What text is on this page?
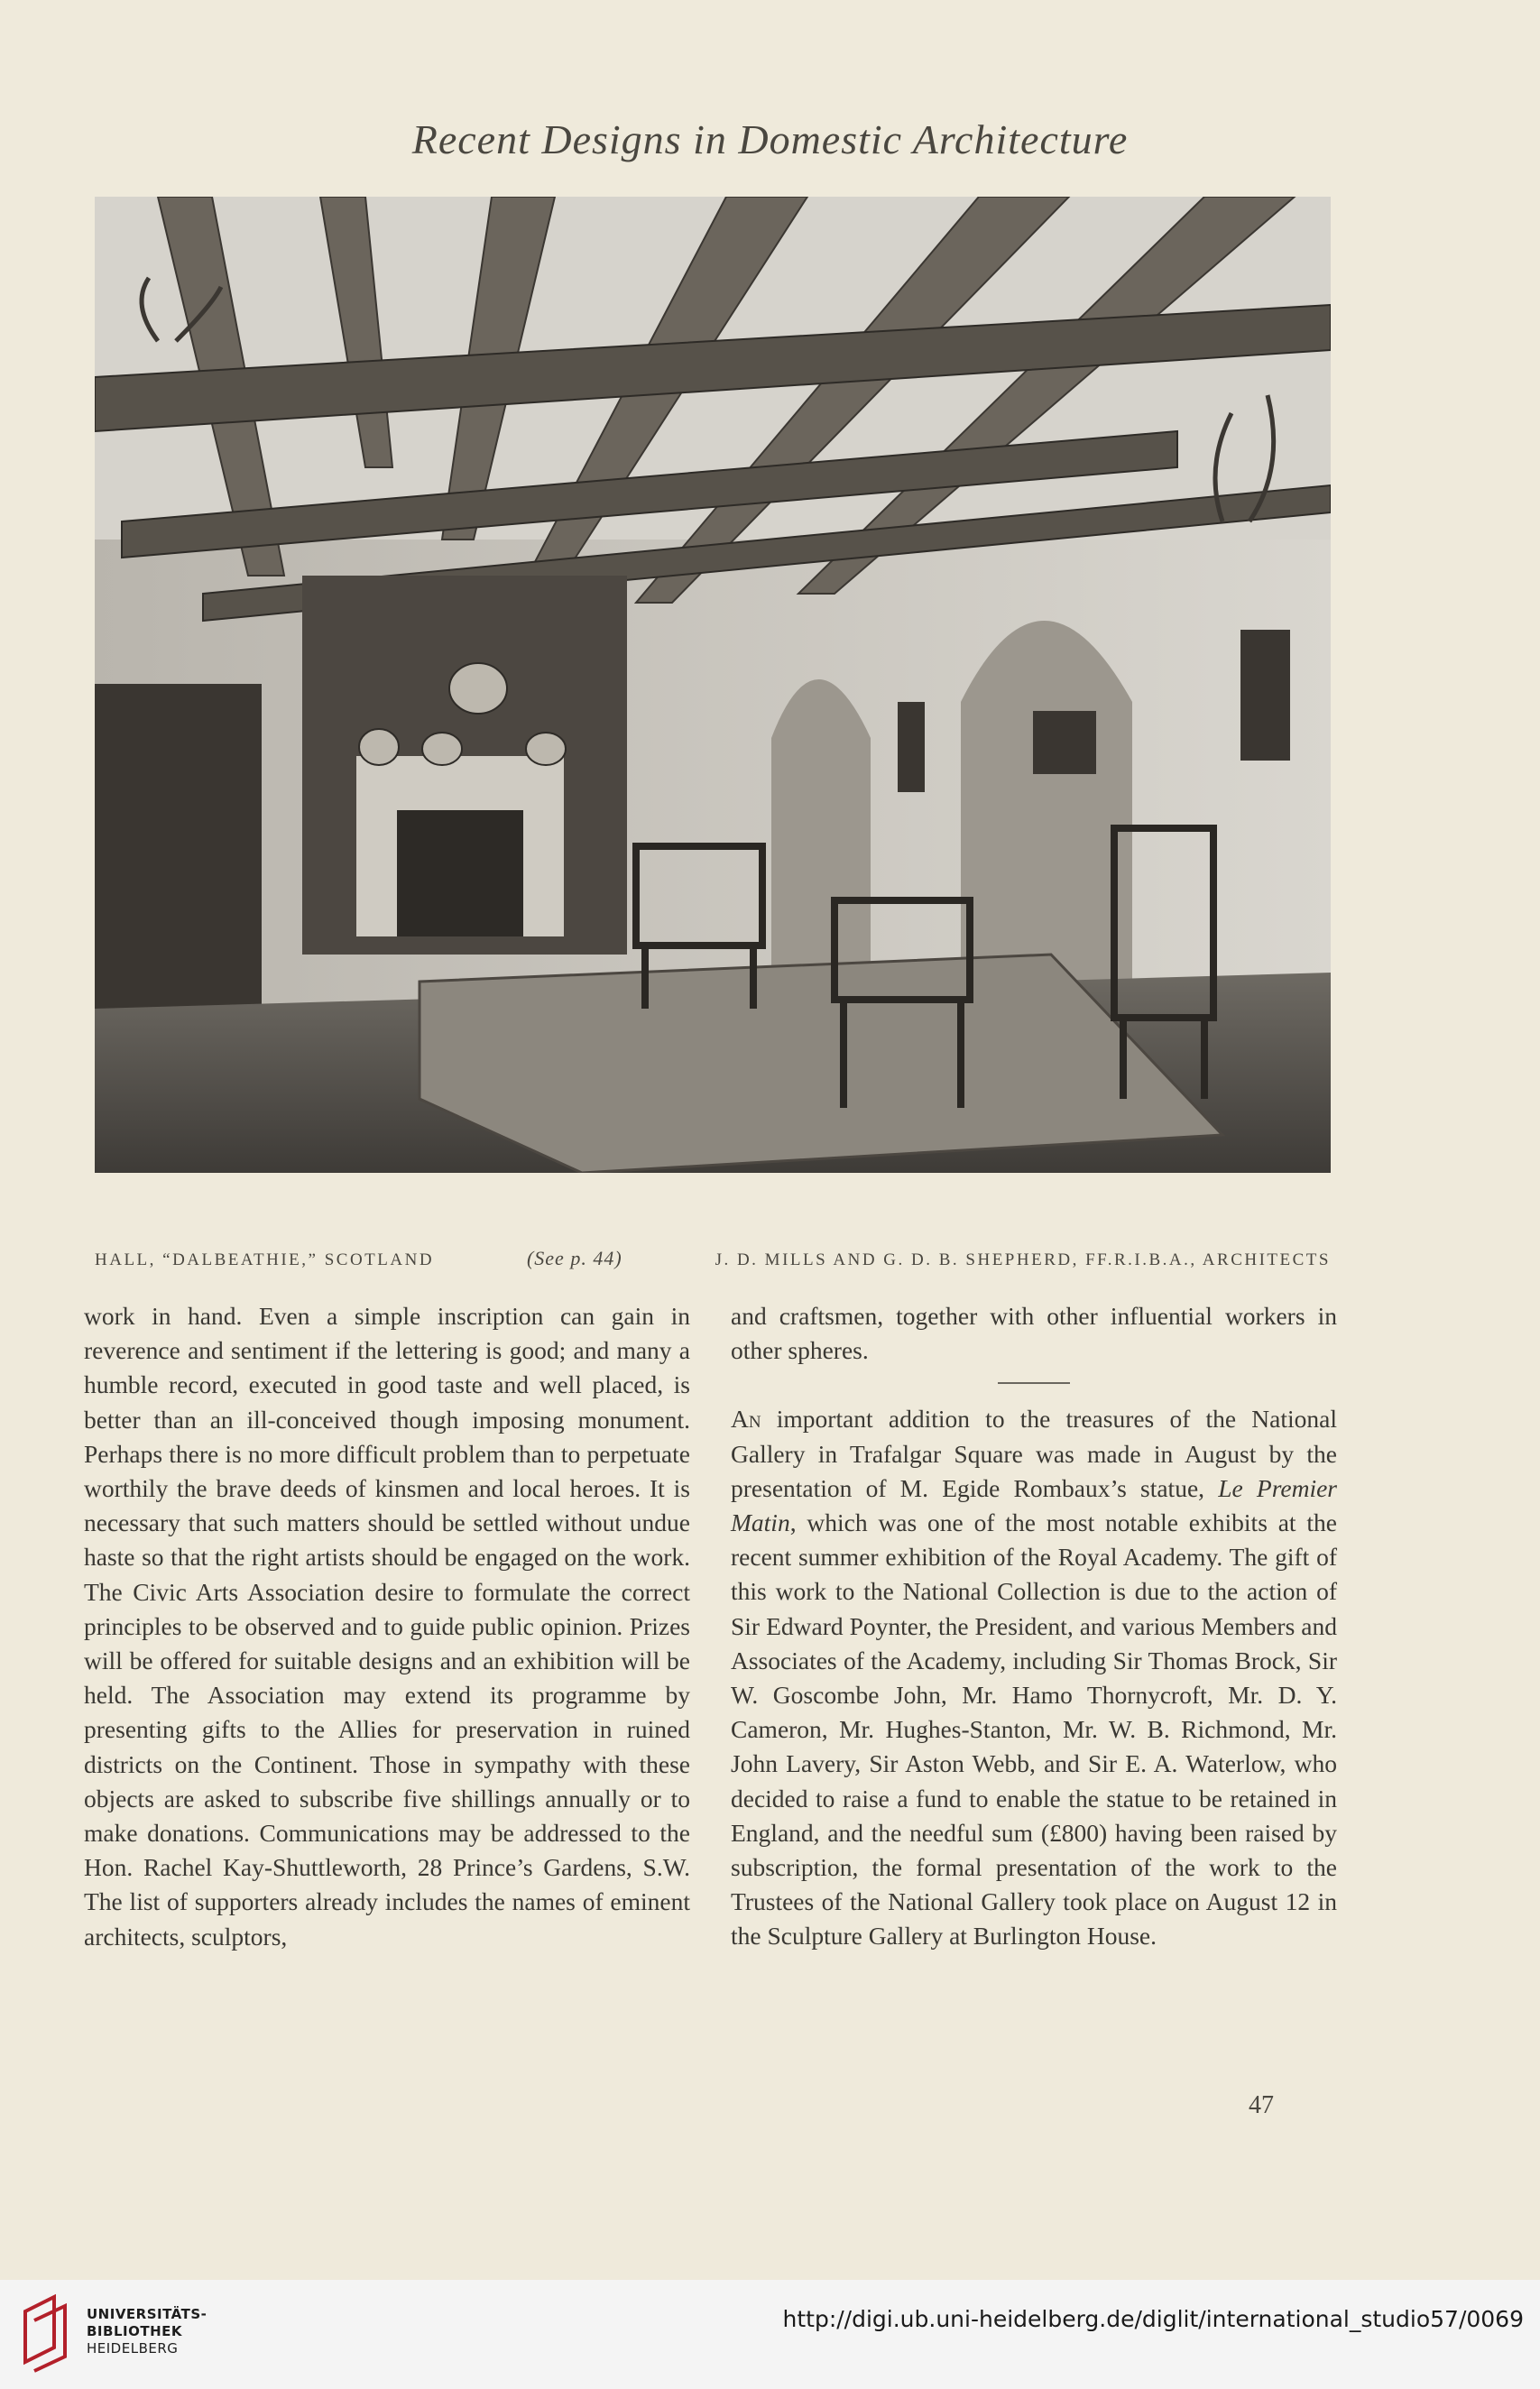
Recent Designs in Domestic Architecture
HALL, “DALBEATHIE,” SCOTLAND	(See p. 44)	J. D. MILLS AND G. D. B. SHEPHERD, FF.R.I.B.A., ARCHITECTS

work in hand. Even a simple inscription can gain in reverence and sentiment if the lettering is good; and many a humble record, executed in good taste and well placed, is better than an ill-conceived though imposing monument. Perhaps there is no more difficult problem than to perpetuate worthily the brave deeds of kinsmen and local heroes. It is necessary that such matters should be settled without undue haste so that the right artists should be engaged on the work. The Civic Arts Association desire to formulate the correct principles to be observed and to guide public opinion. Prizes will be offered for suitable designs and an exhibition will be held. The Association may extend its programme by presenting gifts to the Allies for preservation in ruined districts on the Continent. Those in sympathy with these objects are asked to subscribe five shillings annually or to make donations. Communications may be addressed to the Hon. Rachel Kay-Shuttleworth, 28 Prince’s Gardens, S.W. The list of supporters already includes the names of eminent architects, sculptors,

and craftsmen, together with other influential workers in other spheres.

An important addition to the treasures of the National Gallery in Trafalgar Square was made in August by the presentation of M. Egide Rombaux’s statue, Le Premier Matin, which was one of the most notable exhibits at the recent summer exhibition of the Royal Academy. The gift of this work to the National Collection is due to the action of Sir Edward Poynter, the President, and various Members and Associates of the Academy, including Sir Thomas Brock, Sir W. Goscombe John, Mr. Hamo Thornycroft, Mr. D. Y. Cameron, Mr. Hughes-Stanton, Mr. W. B. Richmond, Mr. John Lavery, Sir Aston Webb, and Sir E. A. Waterlow, who decided to raise a fund to enable the statue to be retained in England, and the needful sum (£800) having been raised by subscription, the formal presentation of the work to the Trustees of the National Gallery took place on August 12 in the Sculpture Gallery at Burlington House.

47
UNIVERSITÄTS-
BIBLIOTHEK
HEIDELBERG
http://digi.ub.uni-heidelberg.de/diglit/international_studio57/0069
